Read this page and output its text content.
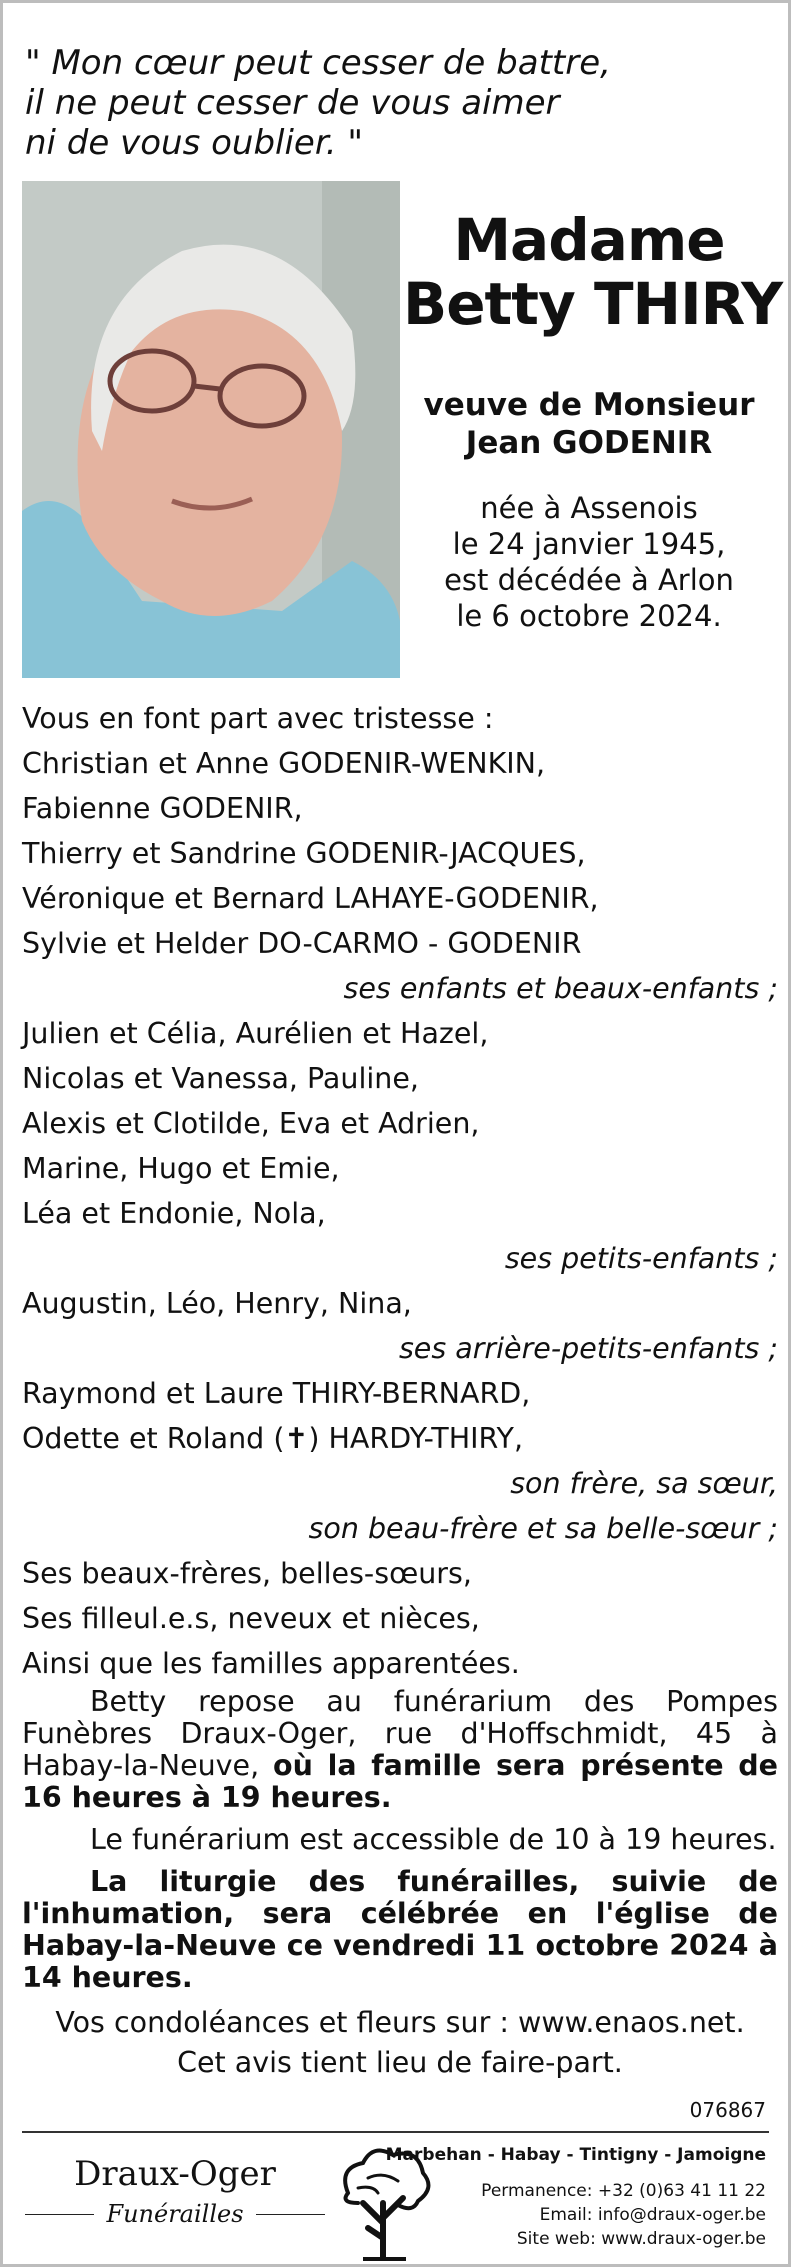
" Mon cœur peut cesser de battre,
il ne peut cesser de vous aimer
ni de vous oublier. "
Madame
Betty THIRY
veuve de Monsieur
Jean GODENIR
née à Assenois
le 24 janvier 1945,
est décédée à Arlon
le 6 octobre 2024.
Vous en font part avec tristesse :
Christian et Anne GODENIR-WENKIN,
Fabienne GODENIR,
Thierry et Sandrine GODENIR-JACQUES,
Véronique et Bernard LAHAYE-GODENIR,
Sylvie et Helder DO-CARMO - GODENIR
ses enfants et beaux-enfants ;
Julien et Célia, Aurélien et Hazel,
Nicolas et Vanessa, Pauline,
Alexis et Clotilde, Eva et Adrien,
Marine, Hugo et Emie,
Léa et Endonie, Nola,
ses petits-enfants ;
Augustin, Léo, Henry, Nina,
ses arrière-petits-enfants ;
Raymond et Laure THIRY-BERNARD,
Odette et Roland (✝) HARDY-THIRY,
son frère, sa sœur,
son beau-frère et sa belle-sœur ;
Ses beaux-frères, belles-sœurs,
Ses filleul.e.s, neveux et nièces,
Ainsi que les familles apparentées.
Betty repose au funérarium des Pompes Funèbres Draux-Oger, rue d'Hoffschmidt, 45 à Habay-la-Neuve, où la famille sera présente de 16 heures à 19 heures.
Le funérarium est accessible de 10 à 19 heures.
La liturgie des funérailles, suivie de l'inhumation, sera célébrée en l'église de Habay-la-Neuve ce vendredi 11 octobre 2024 à 14 heures.
Vos condoléances et fleurs sur : www.enaos.net.
Cet avis tient lieu de faire-part.
076867
Draux-Oger
Funérailles
Marbehan - Habay - Tintigny - Jamoigne
Permanence: +32 (0)63 41 11 22
Email: info@draux-oger.be
Site web: www.draux-oger.be
